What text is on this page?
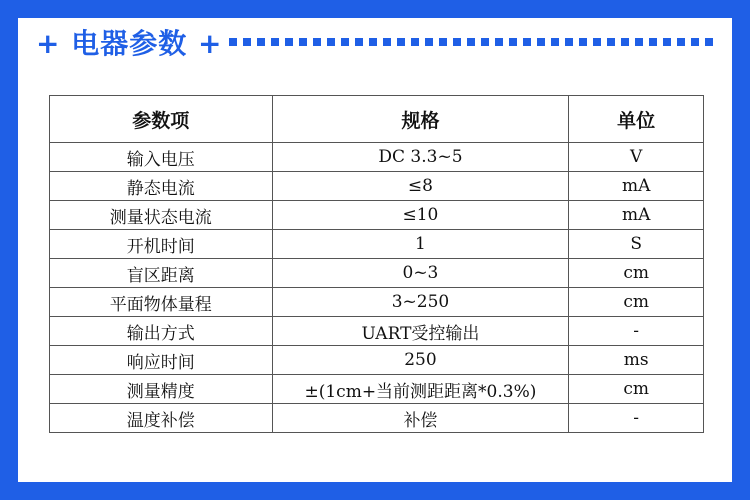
+ 电器参数 +
参数项	规格	单位
输入电压	DC 3.3~5	V
静态电流	≤8	mA
测量状态电流	≤10	mA
开机时间	1	S
盲区距离	0~3	cm
平面物体量程	3~250	cm
输出方式	UART受控输出	-
响应时间	250	ms
测量精度	±(1cm+当前测距距离*0.3%)	cm
温度补偿	补偿	-
